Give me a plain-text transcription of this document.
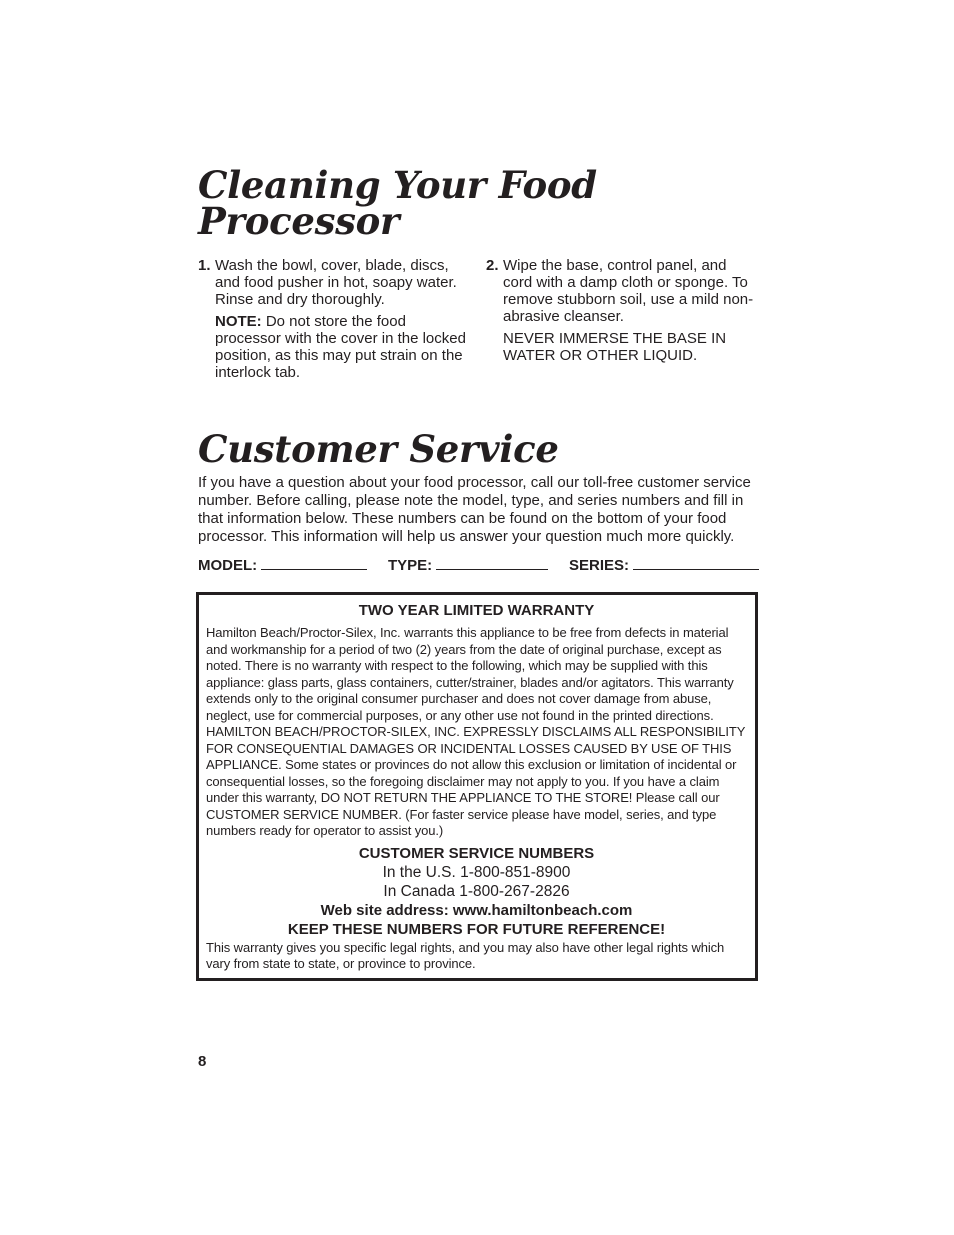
Cleaning Your Food Processor
1. Wash the bowl, cover, blade, discs, and food pusher in hot, soapy water. Rinse and dry thoroughly.

NOTE: Do not store the food processor with the cover in the locked position, as this may put strain on the interlock tab.

2. Wipe the base, control panel, and cord with a damp cloth or sponge. To remove stubborn soil, use a mild non-abrasive cleanser.

NEVER IMMERSE THE BASE IN WATER OR OTHER LIQUID.

Customer Service

If you have a question about your food processor, call our toll-free customer service number. Before calling, please note the model, type, and series numbers and fill in that information below. These numbers can be found on the bottom of your food processor. This information will help us answer your question much more quickly.

MODEL:	TYPE:	SERIES:

TWO YEAR LIMITED WARRANTY

Hamilton Beach/Proctor-Silex, Inc. warrants this appliance to be free from defects in material and workmanship for a period of two (2) years from the date of original purchase, except as noted. There is no warranty with respect to the following, which may be supplied with this appliance: glass parts, glass containers, cutter/strainer, blades and/or agitators. This warranty extends only to the original consumer purchaser and does not cover damage from abuse, neglect, use for commercial purposes, or any other use not found in the printed directions. HAMILTON BEACH/PROCTOR-SILEX, INC. EXPRESSLY DISCLAIMS ALL RESPONSIBILITY FOR CONSEQUENTIAL DAMAGES OR INCIDENTAL LOSSES CAUSED BY USE OF THIS APPLIANCE. Some states or provinces do not allow this exclusion or limitation of incidental or consequential losses, so the foregoing disclaimer may not apply to you. If you have a claim under this warranty, DO NOT RETURN THE APPLIANCE TO THE STORE! Please call our CUSTOMER SERVICE NUMBER. (For faster service please have model, series, and type numbers ready for operator to assist you.)

CUSTOMER SERVICE NUMBERS

In the U.S. 1-800-851-8900

In Canada 1-800-267-2826

Web site address: www.hamiltonbeach.com

KEEP THESE NUMBERS FOR FUTURE REFERENCE!

This warranty gives you specific legal rights, and you may also have other legal rights which vary from state to state, or province to province.

8
